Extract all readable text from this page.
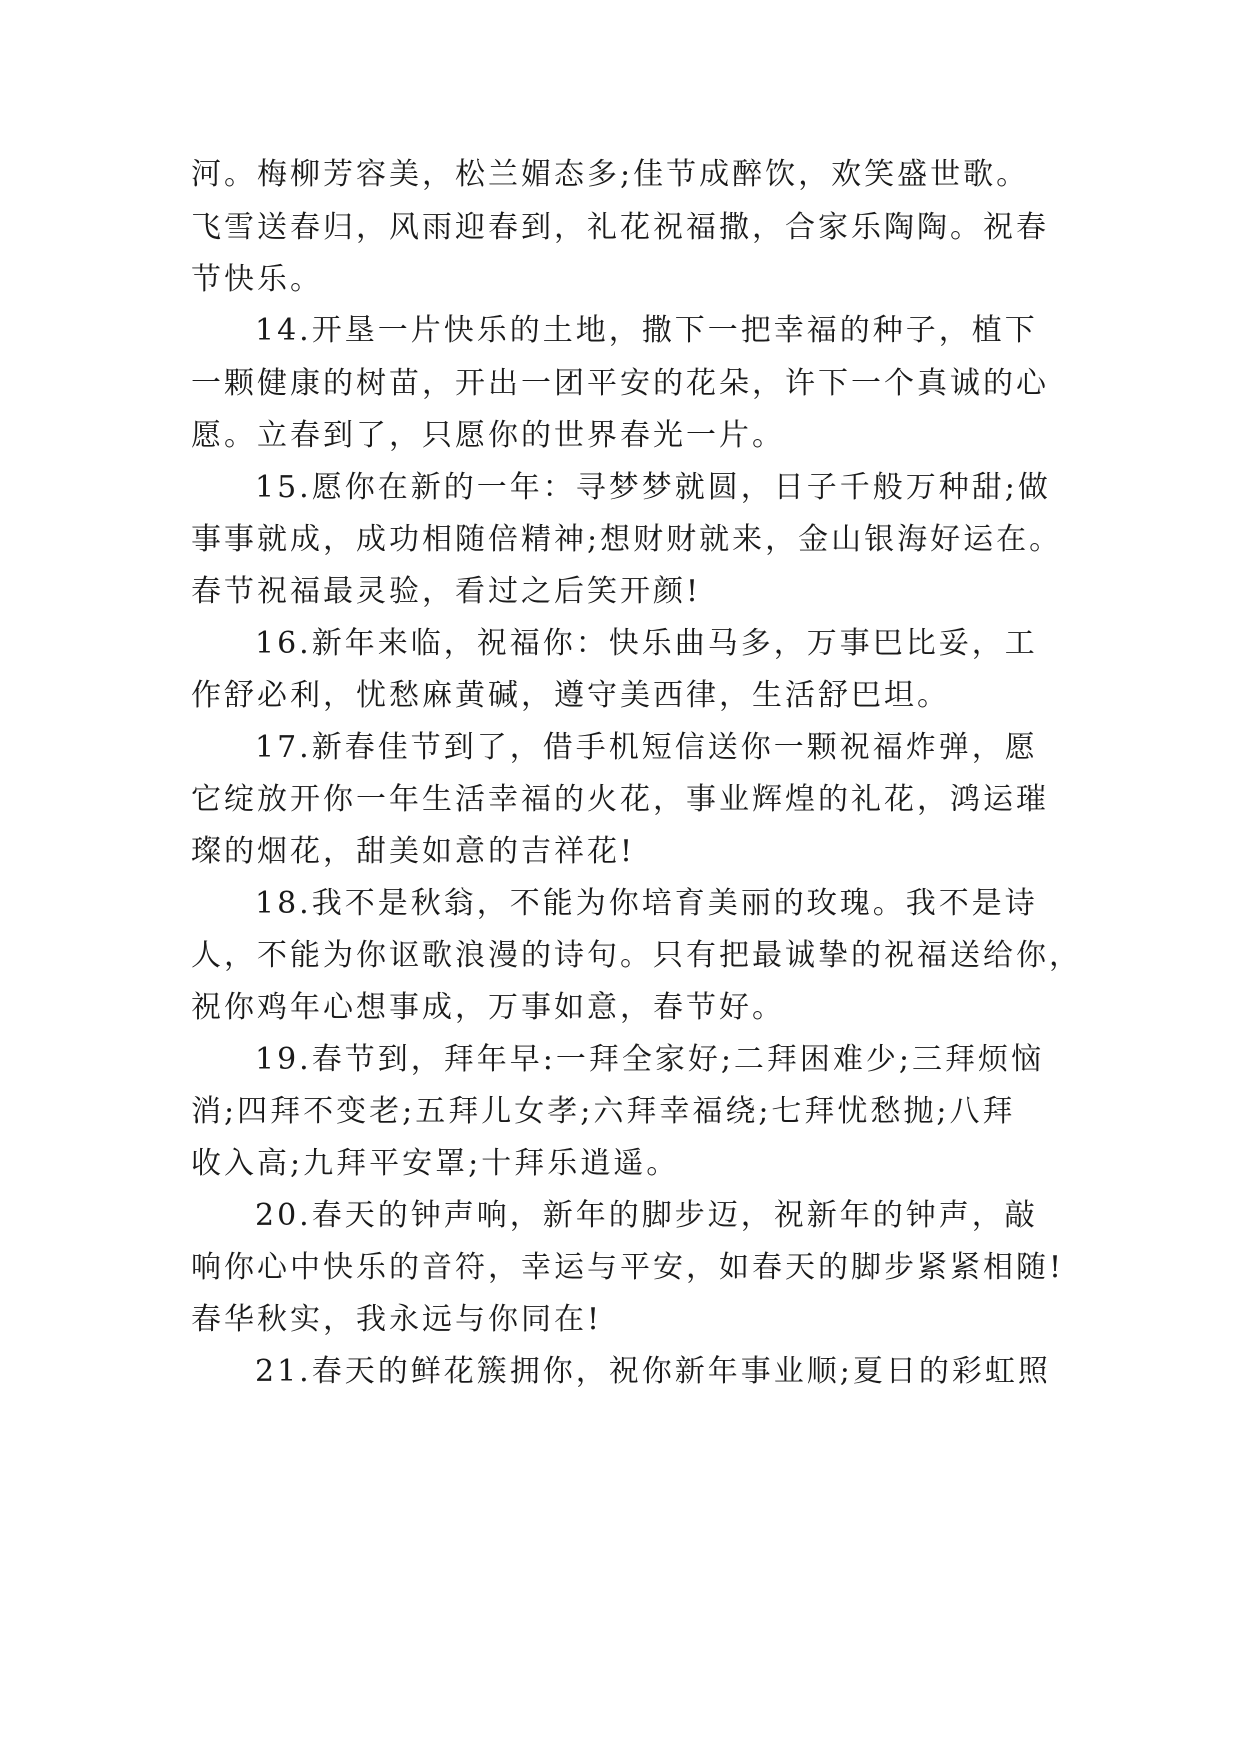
河。梅柳芳容美，松兰媚态多;佳节成醉饮，欢笑盛世歌。
飞雪送春归，风雨迎春到，礼花祝福撒，合家乐陶陶。祝春
节快乐。
14.开垦一片快乐的土地，撒下一把幸福的种子，植下
一颗健康的树苗，开出一团平安的花朵，许下一个真诚的心
愿。立春到了，只愿你的世界春光一片。
15.愿你在新的一年：寻梦梦就圆，日子千般万种甜;做
事事就成，成功相随倍精神;想财财就来，金山银海好运在。
春节祝福最灵验，看过之后笑开颜!
16.新年来临，祝福你：快乐曲马多，万事巴比妥，工
作舒必利，忧愁麻黄碱，遵守美西律，生活舒巴坦。
17.新春佳节到了，借手机短信送你一颗祝福炸弹，愿
它绽放开你一年生活幸福的火花，事业辉煌的礼花，鸿运璀
璨的烟花，甜美如意的吉祥花!
18.我不是秋翁，不能为你培育美丽的玫瑰。我不是诗
人，不能为你讴歌浪漫的诗句。只有把最诚挚的祝福送给你，
祝你鸡年心想事成，万事如意，春节好。
19.春节到，拜年早:一拜全家好;二拜困难少;三拜烦恼
消;四拜不变老;五拜儿女孝;六拜幸福绕;七拜忧愁抛;八拜
收入高;九拜平安罩;十拜乐逍遥。
20.春天的钟声响，新年的脚步迈，祝新年的钟声，敲
响你心中快乐的音符，幸运与平安，如春天的脚步紧紧相随!
春华秋实，我永远与你同在!
21.春天的鲜花簇拥你，祝你新年事业顺;夏日的彩虹照
